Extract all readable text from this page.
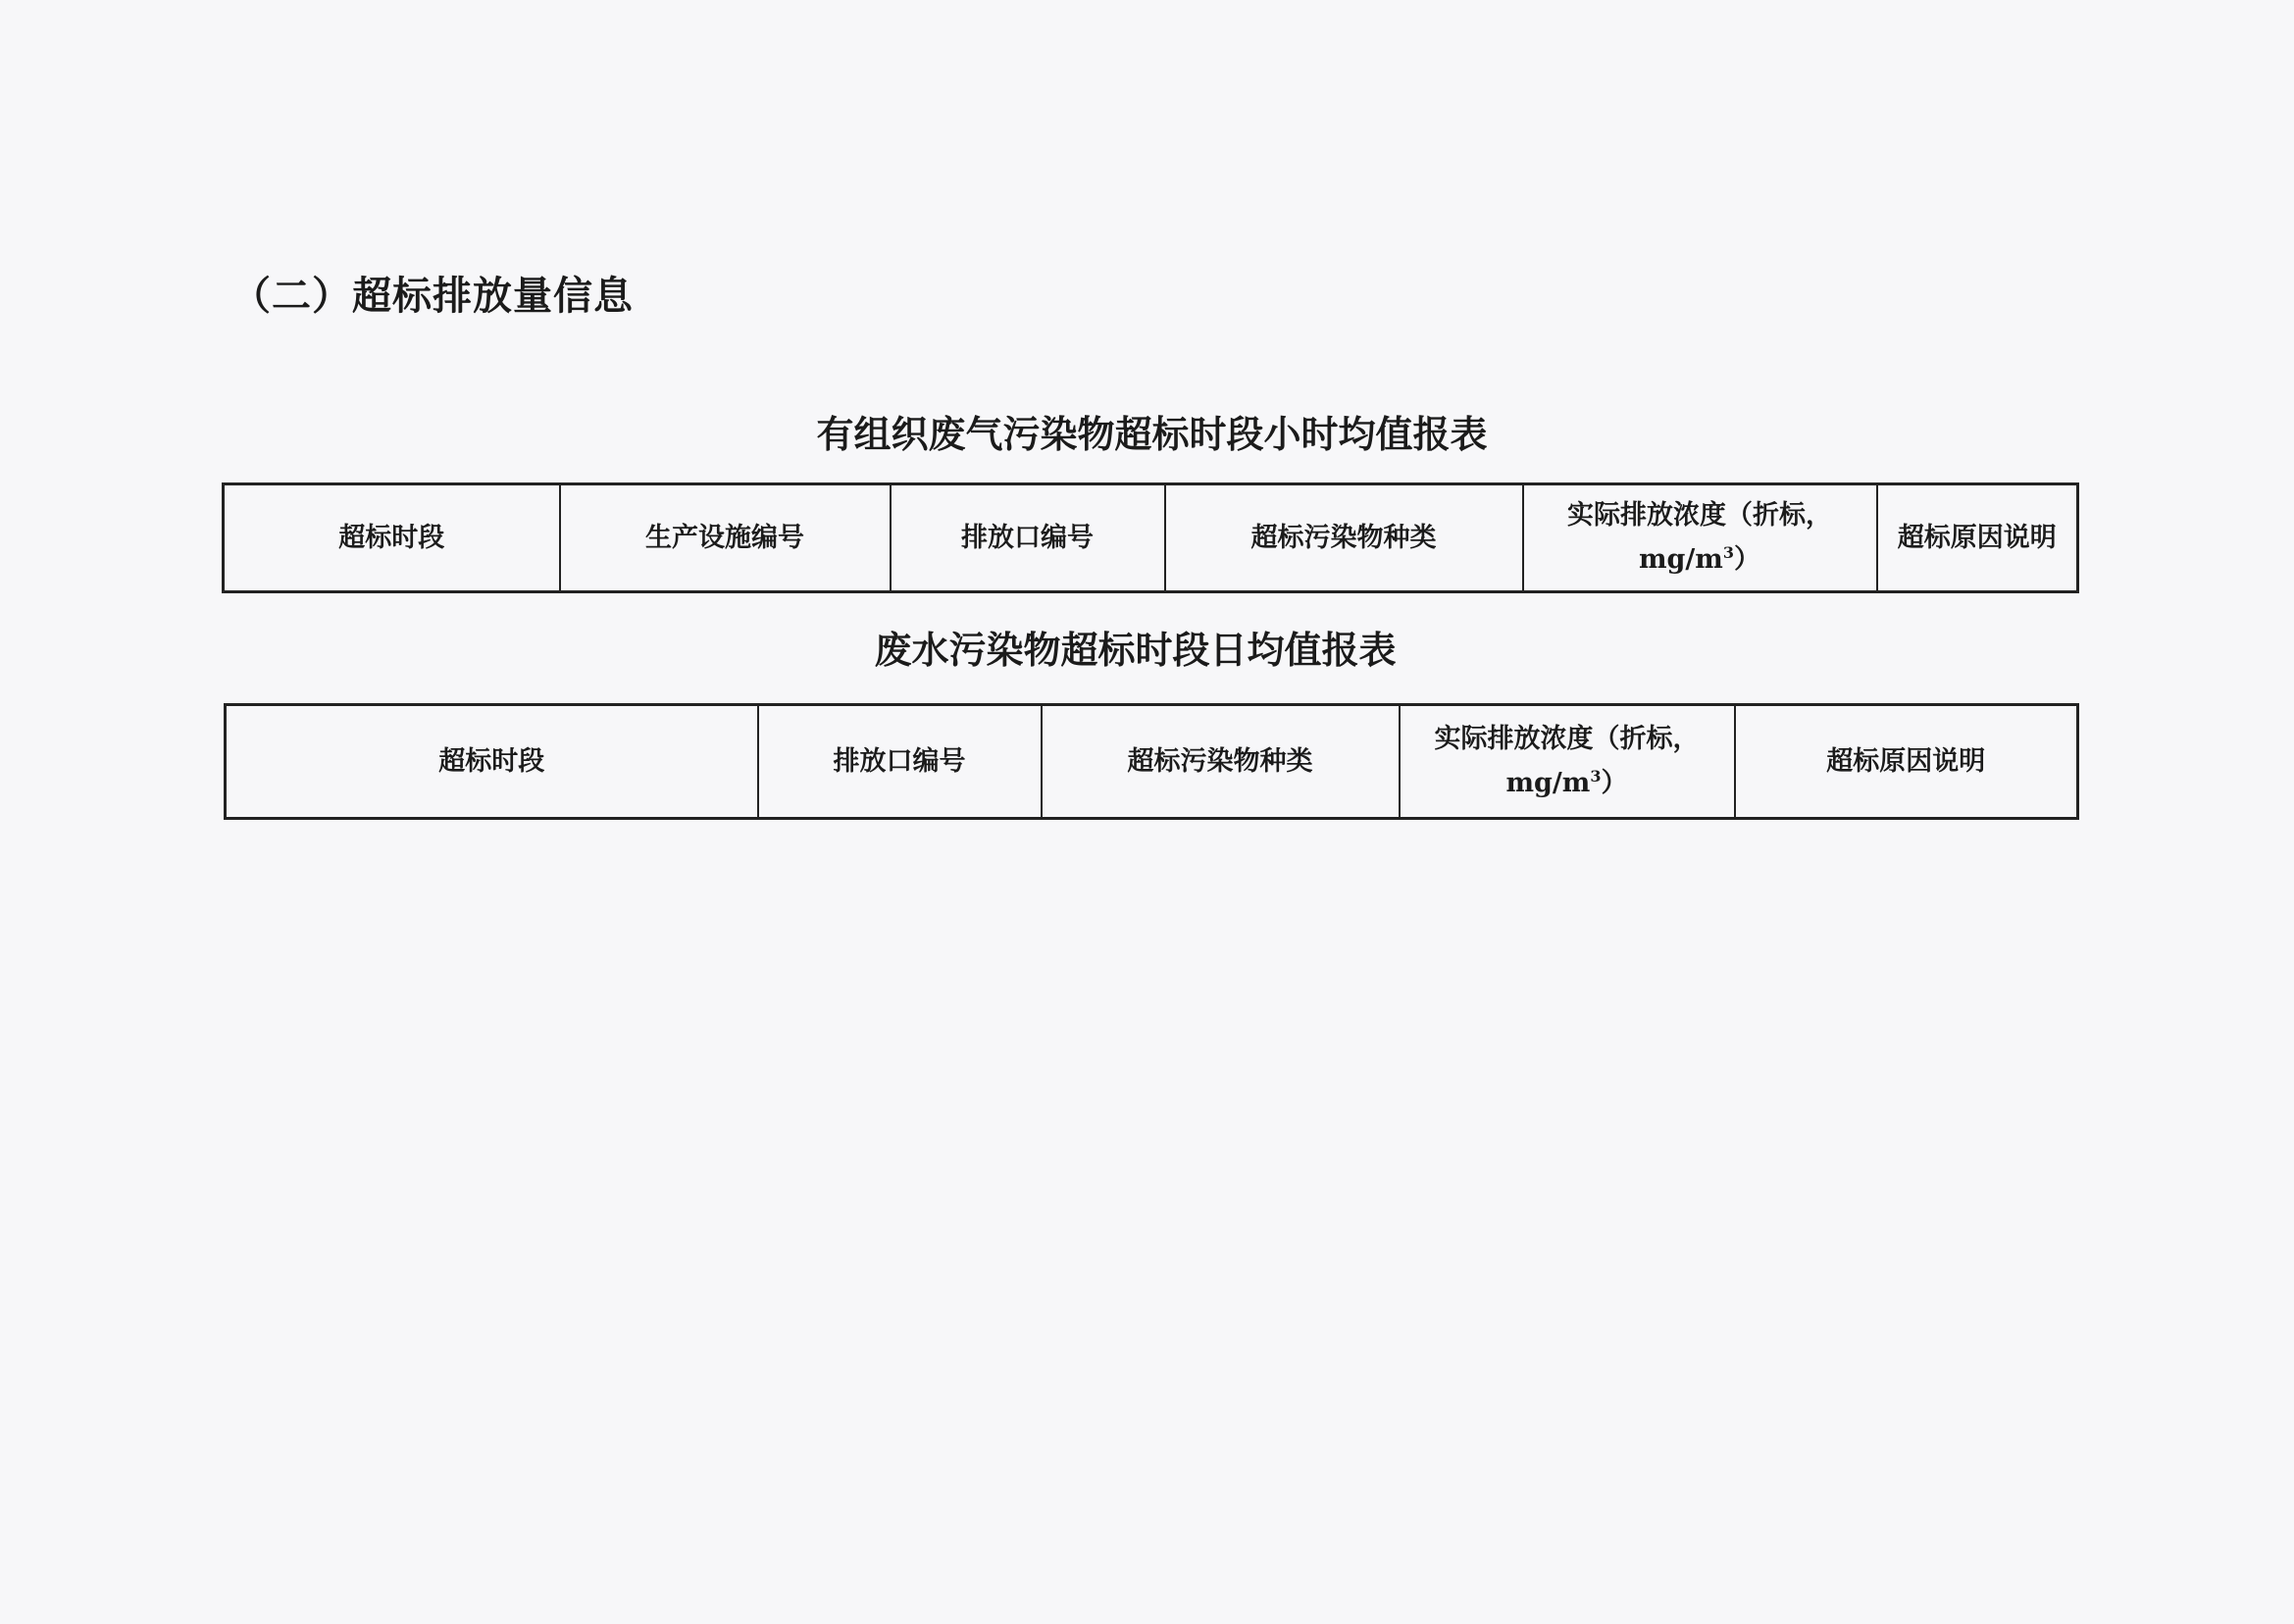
（二）超标排放量信息
有组织废气污染物超标时段小时均值报表
超标时段	生产设施编号	排放口编号	超标污染物种类	实际排放浓度（折标，
$mg/m^3$）
	超标原因说明
废水污染物超标时段日均值报表
超标时段	排放口编号	超标污染物种类	实际排放浓度（折标，
$mg/m^3$）
	超标原因说明
